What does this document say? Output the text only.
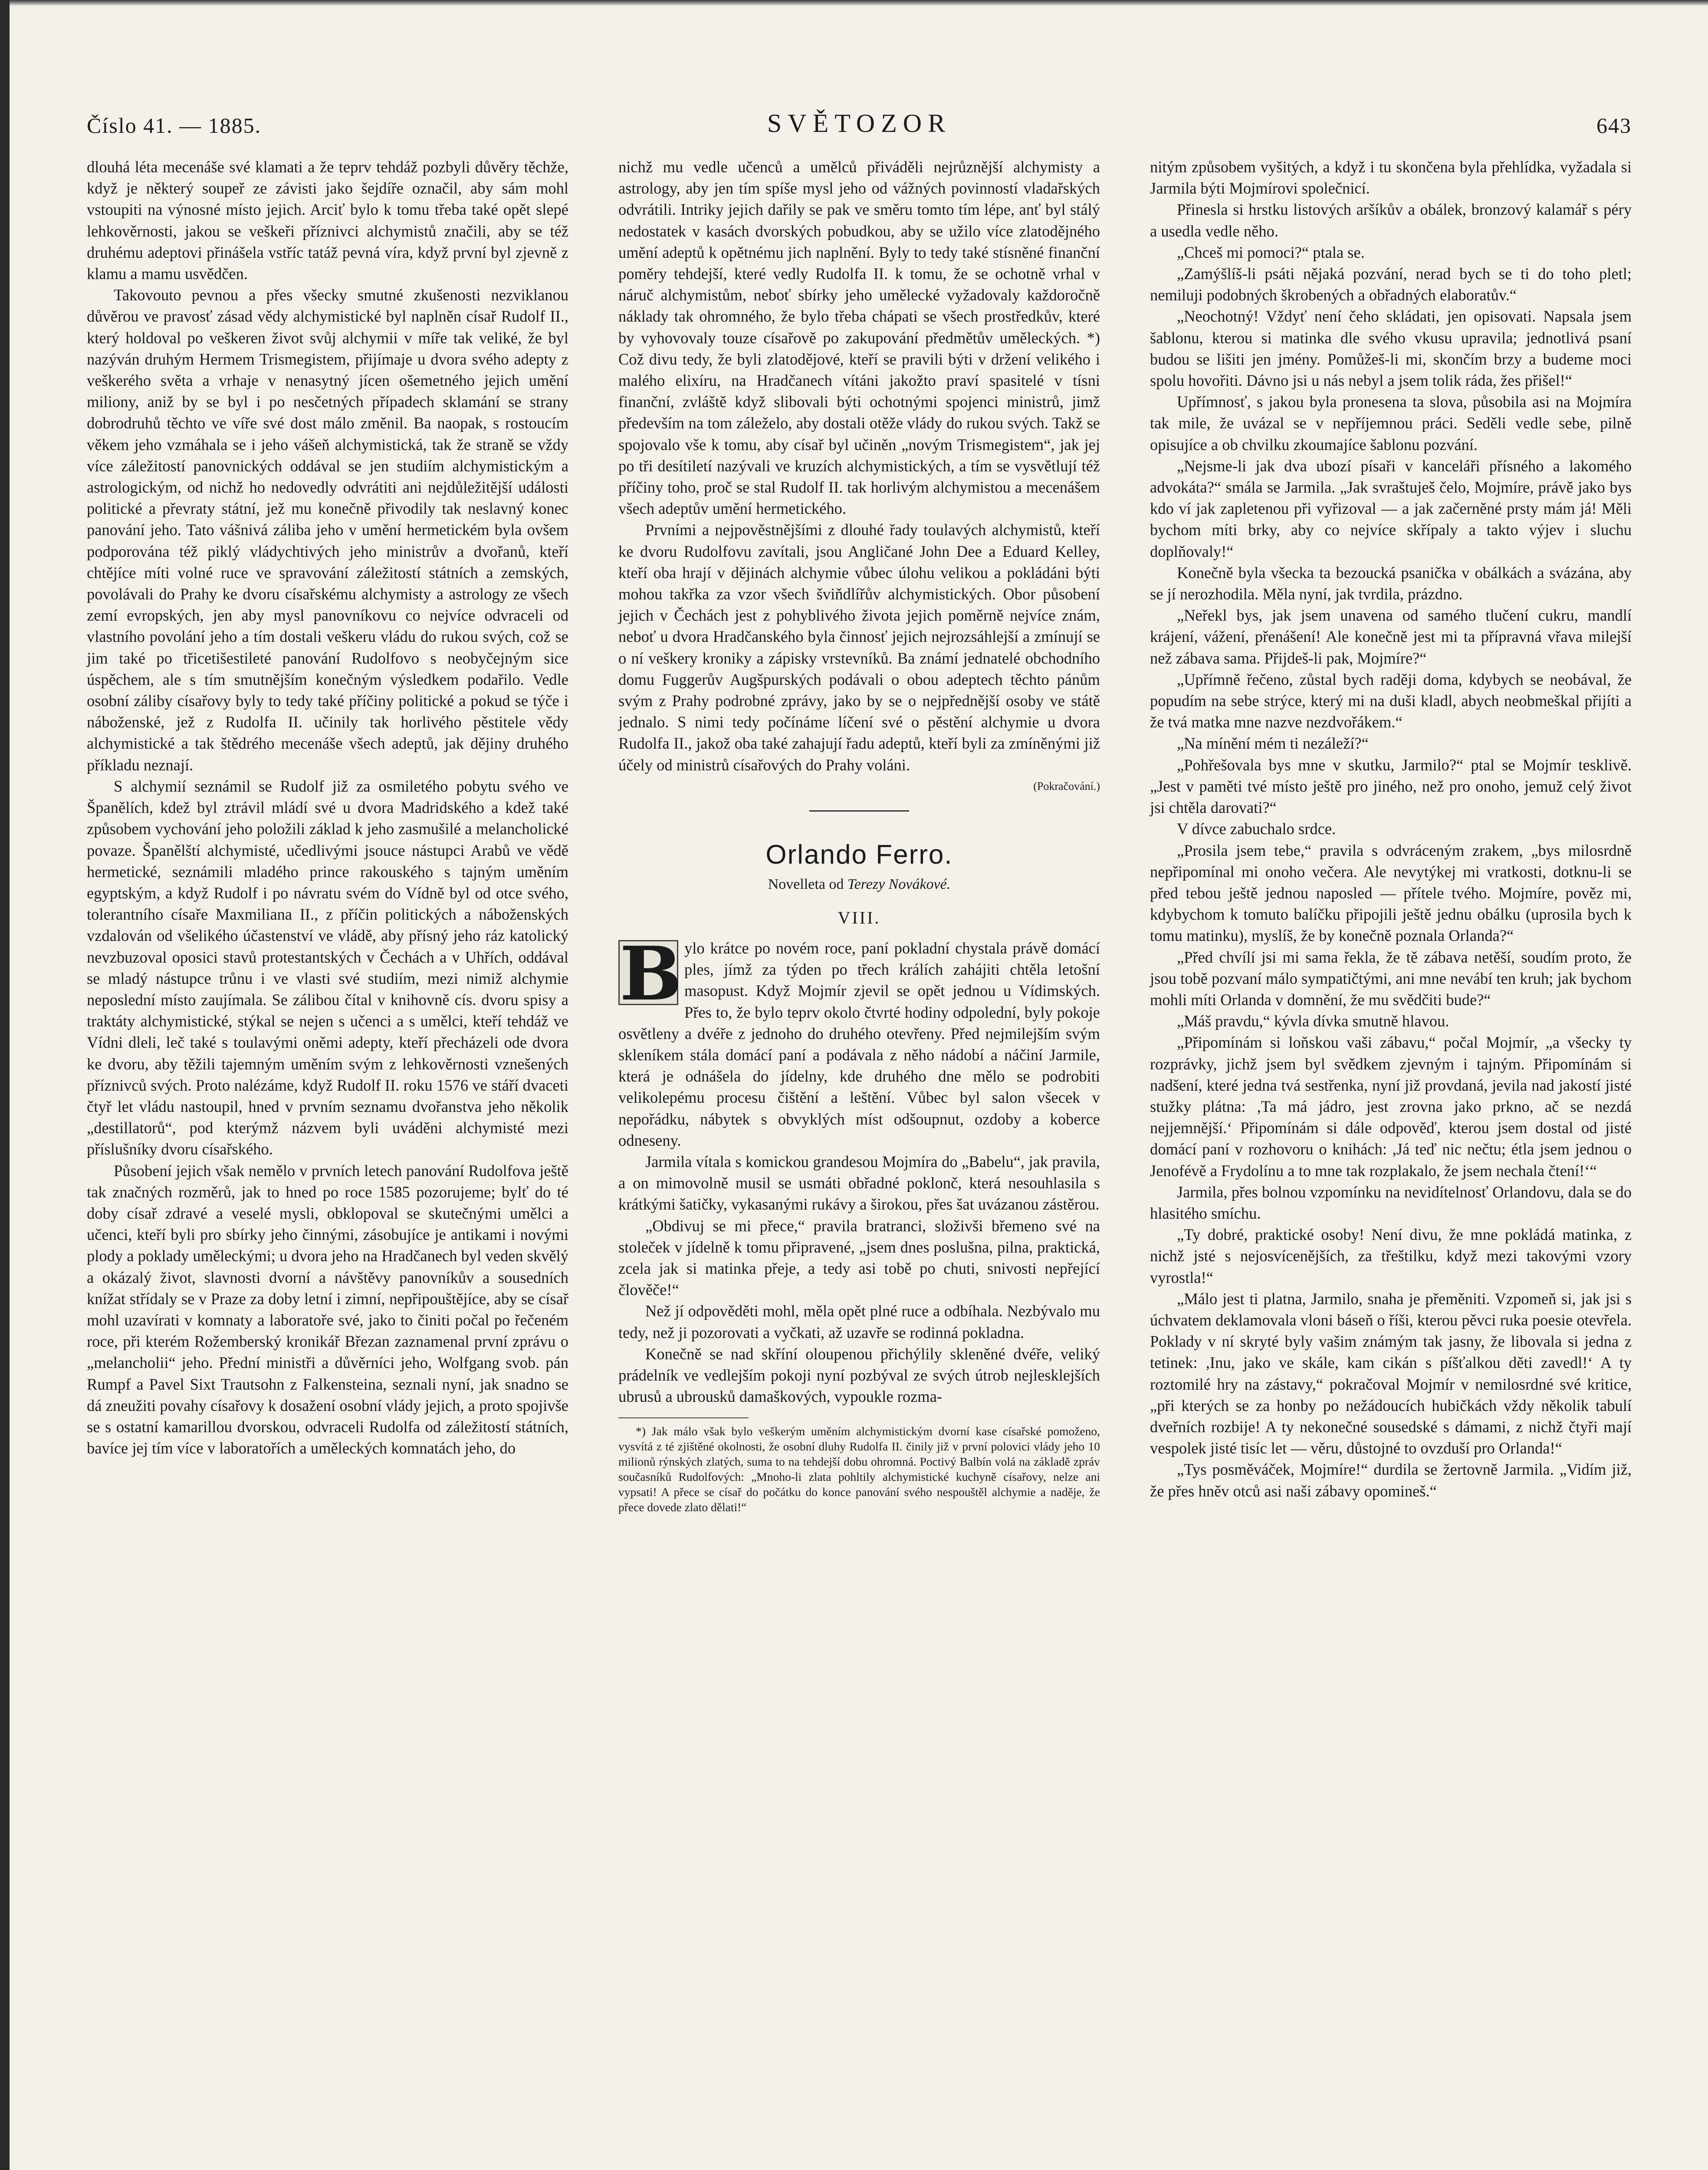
Číslo 41. — 1885.	SVĚTOZOR	643

dlouhá léta mecenáše své klamati a že teprv tehdáž pozbyli důvěry těchže, když je některý soupeř ze závisti jako šejdíře označil, aby sám mohl vstoupiti na výnosné místo jejich. Arciť bylo k tomu třeba také opět slepé lehkověrnosti, jakou se veškeři příznivci alchymistů značili, aby se též druhému adeptovi přinášela vstříc tatáž pevná víra, když první byl zjevně z klamu a mamu usvědčen.

Takovouto pevnou a přes všecky smutné zkušenosti nezviklanou důvěrou ve pravosť zásad vědy alchymistické byl naplněn císař Rudolf II., který holdoval po veškeren život svůj alchymii v míře tak veliké, že byl nazýván druhým Hermem Trismegistem, přijímaje u dvora svého adepty z veškerého světa a vrhaje v nenasytný jícen ošemetného jejich umění miliony, aniž by se byl i po nesčetných případech sklamání se strany dobrodruhů těchto ve víře své dost málo změnil. Ba naopak, s rostoucím věkem jeho vzmáhala se i jeho vášeň alchymistická, tak že straně se vždy více záležitostí panovnických oddával se jen studiím alchymistickým a astrologickým, od nichž ho nedovedly odvrátiti ani nejdůležitější události politické a převraty státní, jež mu konečně přivodily tak neslavný konec panování jeho. Tato vášnivá záliba jeho v umění hermetickém byla ovšem podporována též piklý vládychtivých jeho ministrův a dvořanů, kteří chtějíce míti volné ruce ve spravování záležitostí státních a zemských, povolávali do Prahy ke dvoru císařskému alchymisty a astrology ze všech zemí evropských, jen aby mysl panovníkovu co nejvíce odvraceli od vlastního povolání jeho a tím dostali veškeru vládu do rukou svých, což se jim také po třicetišestileté panování Rudolfovo s neobyčejným sice úspěchem, ale s tím smutnějším konečným výsledkem podařilo. Vedle osobní záliby císařovy byly to tedy také příčiny politické a pokud se týče i náboženské, jež z Rudolfa II. učinily tak horlivého pěstitele vědy alchymistické a tak štědrého mecenáše všech adeptů, jak dějiny druhého příkladu neznají.

S alchymií seznámil se Rudolf již za osmiletého pobytu svého ve Španělích, kdež byl ztrávil mládí své u dvora Madridského a kdež také způsobem vychování jeho položili základ k jeho zasmušilé a melancholické povaze. Španělští alchymisté, učedlivými jsouce nástupci Arabů ve vědě hermetické, seznámili mladého prince rakouského s tajným uměním egyptským, a když Rudolf i po návratu svém do Vídně byl od otce svého, tolerantního císaře Maxmiliana II., z příčin politických a náboženských vzdalován od všelikého účastenství ve vládě, aby přísný jeho ráz katolický nevzbuzoval oposici stavů protestantských v Čechách a v Uhřích, oddával se mladý nástupce trůnu i ve vlasti své studiím, mezi nimiž alchymie neposlední místo zaujímala. Se zálibou čítal v knihovně cís. dvoru spisy a traktáty alchymistické, stýkal se nejen s učenci a s umělci, kteří tehdáž ve Vídni dleli, leč také s toulavými oněmi adepty, kteří přecházeli ode dvora ke dvoru, aby těžili tajemným uměním svým z lehkověrnosti vznešených příznivců svých. Proto nalézáme, když Rudolf II. roku 1576 ve stáří dvaceti čtyř let vládu nastoupil, hned v prvním seznamu dvořanstva jeho několik „destillatorů“, pod kterýmž názvem byli uváděni alchymisté mezi příslušníky dvoru císařského.

Působení jejich však nemělo v prvních letech panování Rudolfova ještě tak značných rozměrů, jak to hned po roce 1585 pozorujeme; bylť do té doby císař zdravé a veselé mysli, obklopoval se skutečnými umělci a učenci, kteří byli pro sbírky jeho činnými, zásobujíce je antikami i novými plody a poklady uměleckými; u dvora jeho na Hradčanech byl veden skvělý a okázalý život, slavnosti dvorní a návštěvy panovníkův a sousedních knížat střídaly se v Praze za doby letní i zimní, nepřipouštějíce, aby se císař mohl uzavírati v komnaty a laboratoře své, jako to činiti počal po řečeném roce, při kterém Rožemberský kronikář Březan zaznamenal první zprávu o „melancholii“ jeho. Přední ministři a důvěrníci jeho, Wolfgang svob. pán Rumpf a Pavel Sixt Trautsohn z Falkensteina, seznali nyní, jak snadno se dá zneužiti povahy císařovy k dosažení osobní vlády jejich, a proto spojivše se s ostatní kamarillou dvorskou, odvraceli Rudolfa od záležitostí státních, bavíce jej tím více v laboratořích a uměleckých komnatách jeho, do

nichž mu vedle učenců a umělců přiváděli nejrůznější alchymisty a astrology, aby jen tím spíše mysl jeho od vážných povinností vladařských odvrátili. Intriky jejich dařily se pak ve směru tomto tím lépe, anť byl stálý nedostatek v kasách dvorských pobudkou, aby se užilo více zlatodějného umění adeptů k opětnému jich naplnění. Byly to tedy také stísněné finanční poměry tehdejší, které vedly Rudolfa II. k tomu, že se ochotně vrhal v náruč alchymistům, neboť sbírky jeho umělecké vyžadovaly každoročně náklady tak ohromného, že bylo třeba chápati se všech prostředkův, které by vyhovovaly touze císařově po zakupování předmětův uměleckých. *) Což divu tedy, že byli zlatodějové, kteří se pravili býti v držení velikého i malého elixíru, na Hradčanech vítáni jakožto praví spasitelé v tísni finanční, zvláště když slibovali býti ochotnými spojenci ministrů, jimž především na tom záleželo, aby dostali otěže vlády do rukou svých. Takž se spojovalo vše k tomu, aby císař byl učiněn „novým Trismegistem“, jak jej po tři desítiletí nazývali ve kruzích alchymistických, a tím se vysvětlují též příčiny toho, proč se stal Rudolf II. tak horlivým alchymistou a mecenášem všech adeptův umění hermetického.

Prvními a nejpověstnějšími z dlouhé řady toulavých alchymistů, kteří ke dvoru Rudolfovu zavítali, jsou Angličané John Dee a Eduard Kelley, kteří oba hrají v dějinách alchymie vůbec úlohu velikou a pokládáni býti mohou takřka za vzor všech šviňdlířův alchymistických. Obor působení jejich v Čechách jest z pohyblivého života jejich poměrně nejvíce znám, neboť u dvora Hradčanského byla činnosť jejich nejrozsáhlejší a zmínují se o ní veškery kroniky a zápisky vrstevníků. Ba známí jednatelé obchodního domu Fuggerův Augšpurských podávali o obou adeptech těchto pánům svým z Prahy podrobné zprávy, jako by se o nejpřednější osoby ve státě jednalo. S nimi tedy počínáme líčení své o pěstění alchymie u dvora Rudolfa II., jakož oba také zahajují řadu adeptů, kteří byli za zmíněnými již účely od ministrů císařových do Prahy voláni.

(Pokračování.)
Orlando Ferro.
Novelleta od Terezy Novákové.
VIII.

B ylo krátce po novém roce, paní pokladní chystala právě domácí ples, jímž za týden po třech králích zahájiti chtěla letošní masopust. Když Mojmír zjevil se opět jednou u Vídimských. Přes to, že bylo teprv okolo čtvrté hodiny odpolední, byly pokoje osvětleny a dvéře z jednoho do druhého otevřeny. Před nejmilejším svým skleníkem stála domácí paní a podávala z něho nádobí a náčiní Jarmile, která je odnášela do jídelny, kde druhého dne mělo se podrobiti velikolepému procesu čištění a leštění. Vůbec byl salon všecek v nepořádku, nábytek s obvyklých míst odšoupnut, ozdoby a koberce odneseny.

Jarmila vítala s komickou grandesou Mojmíra do „Babelu“, jak pravila, a on mimovolně musil se usmáti obřadné poklonč, která nesouhlasila s krátkými šatičky, vykasanými rukávy a širokou, přes šat uvázanou zástěrou.

„Obdivuj se mi přece,“ pravila bratranci, složivši břemeno své na stoleček v jídelně k tomu připravené, „jsem dnes poslušna, pilna, praktická, zcela jak si matinka přeje, a tedy asi tobě po chuti, snivosti nepřející člověče!“

Než jí odpověděti mohl, měla opět plné ruce a odbíhala. Nezbývalo mu tedy, než ji pozorovati a vyčkati, až uzavře se rodinná pokladna.

Konečně se nad skříní oloupenou přichýlily skleněné dvéře, veliký prádelník ve vedlejším pokoji nyní pozbýval ze svých útrob nejlesklejších ubrusů a ubrousků damaškových, vypoukle rozma-

*) Jak málo však bylo veškerým uměním alchymistickým dvorní kase císařské pomoženo, vysvítá z té zjištěné okolnosti, že osobní dluhy Rudolfa II. činily již v první polovici vlády jeho 10 milionů rýnských zlatých, suma to na tehdejší dobu ohromná. Poctivý Balbín volá na základě zpráv současníků Rudolfových: „Mnoho-li zlata pohltily alchymistické kuchyně císařovy, nelze ani vypsati! A přece se císař do počátku do konce panování svého nespouštěl alchymie a naděje, že přece dovede zlato dělati!“

nitým způsobem vyšitých, a když i tu skončena byla přehlídka, vyžadala si Jarmila býti Mojmírovi společnicí.

Přinesla si hrstku listových aršíkův a obálek, bronzový kalamář s péry a usedla vedle něho.

„Chceš mi pomoci?“ ptala se.

„Zamýšlíš-li psáti nějaká pozvání, nerad bych se ti do toho pletl; nemiluji podobných škrobených a obřadných elaboratův.“

„Neochotný! Vždyť není čeho skládati, jen opisovati. Napsala jsem šablonu, kterou si matinka dle svého vkusu upravila; jednotlivá psaní budou se lišiti jen jmény. Pomůžeš-li mi, skončím brzy a budeme moci spolu hovořiti. Dávno jsi u nás nebyl a jsem tolik ráda, žes přišel!“

Upřímnosť, s jakou byla pronesena ta slova, působila asi na Mojmíra tak mile, že uvázal se v nepříjemnou práci. Seděli vedle sebe, pilně opisujíce a ob chvilku zkoumajíce šablonu pozvání.

„Nejsme-li jak dva ubozí písaři v kanceláři přísného a lakomého advokáta?“ smála se Jarmila. „Jak svraštuješ čelo, Mojmíre, právě jako bys kdo ví jak zapletenou při vyřizoval — a jak začerněné prsty mám já! Měli bychom míti brky, aby co nejvíce skřípaly a takto výjev i sluchu doplňovaly!“

Konečně byla všecka ta bezoucká psanička v obálkách a svázána, aby se jí nerozhodila. Měla nyní, jak tvrdila, prázdno.

„Neřekl bys, jak jsem unavena od samého tlučení cukru, mandlí krájení, vážení, přenášení! Ale konečně jest mi ta přípravná vřava milejší než zábava sama. Přijdeš-li pak, Mojmíre?“

„Upřímně řečeno, zůstal bych raději doma, kdybych se neobával, že popudím na sebe strýce, který mi na duši kladl, abych neobmeškal přijíti a že tvá matka mne nazve nezdvořákem.“

„Na mínění mém ti nezáleží?“

„Pohřešovala bys mne v skutku, Jarmilo?“ ptal se Mojmír tesklivě. „Jest v paměti tvé místo ještě pro jiného, než pro onoho, jemuž celý život jsi chtěla darovati?“

V dívce zabuchalo srdce.

„Prosila jsem tebe,“ pravila s odvráceným zrakem, „bys milosrdně nepřipomínal mi onoho večera. Ale nevytýkej mi vratkosti, dotknu-li se před tebou ještě jednou naposled — přítele tvého. Mojmíre, pověz mi, kdybychom k tomuto balíčku připojili ještě jednu obálku (uprosila bych k tomu matinku), myslíš, že by konečně poznala Orlanda?“

„Před chvílí jsi mi sama řekla, že tě zábava netěší, soudím proto, že jsou tobě pozvaní málo sympatičtými, ani mne nevábí ten kruh; jak bychom mohli míti Orlanda v domnění, že mu svědčiti bude?“

„Máš pravdu,“ kývla dívka smutně hlavou.

„Připomínám si loňskou vaši zábavu,“ počal Mojmír, „a všecky ty rozprávky, jichž jsem byl svědkem zjevným i tajným. Připomínám si nadšení, které jedna tvá sestřenka, nyní již provdaná, jevila nad jakostí jisté stužky plátna: ,Ta má jádro, jest zrovna jako prkno, ač se nezdá nejjemnější.‘ Připomínám si dále odpověď, kterou jsem dostal od jisté domácí paní v rozhovoru o knihách: ,Já teď nic nečtu; étla jsem jednou o Jenofévě a Frydolínu a to mne tak rozplakalo, že jsem nechala čtení!‘“

Jarmila, přes bolnou vzpomínku na nevidítelnosť Orlandovu, dala se do hlasitého smíchu.

„Ty dobré, praktické osoby! Není divu, že mne pokládá matinka, z nichž jsté s nejosvícenějších, za třeštilku, když mezi takovými vzory vyrostla!“

„Málo jest ti platna, Jarmilo, snaha je přeměniti. Vzpomeň si, jak jsi s úchvatem deklamovala vloni báseň o říši, kterou pěvci ruka poesie otevřela. Poklady v ní skryté byly vašim známým tak jasny, že libovala si jedna z tetinek: ,Inu, jako ve skále, kam cikán s píšťalkou děti zavedl!‘ A ty roztomilé hry na zástavy,“ pokračoval Mojmír v nemilosrdné své kritice, „při kterých se za honby po nežádoucích hubičkách vždy několik tabulí dveřních rozbije! A ty nekonečné sousedské s dámami, z nichž čtyři mají vespolek jisté tisíc let — věru, důstojné to ovzduší pro Orlanda!“

„Tys posměváček, Mojmíre!“ durdila se žertovně Jarmila. „Vidím již, že přes hněv otců asi naši zábavy opomineš.“
